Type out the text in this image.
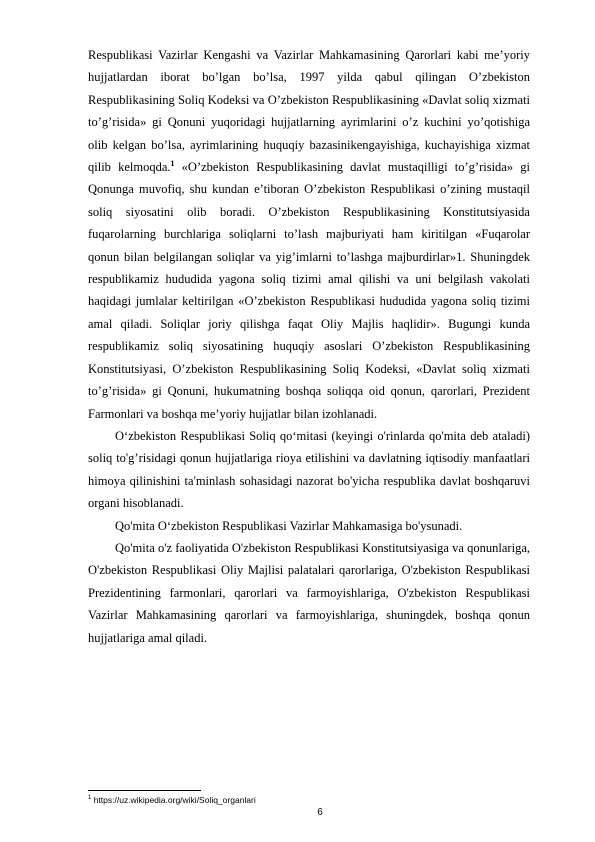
Respublikasi Vazirlar Kengashi va Vazirlar Mahkamasining Qarorlari kabi me’yoriy hujjatlardan iborat bo’lgan bo’lsa, 1997 yilda qabul qilingan O’zbekiston Respublikasining Soliq Kodeksi va O’zbekiston Respublikasining «Davlat soliq xizmati to’g’risida» gi Qonuni yuqoridagi hujjatlarning ayrimlarini o’z kuchini yo’qotishiga olib kelgan bo’lsa, ayrimlarining huquqiy bazasinikengayishiga, kuchayishiga xizmat qilib kelmoqda.$^1$ «O’zbekiston Respublikasining davlat mustaqilligi to’g’risida» gi Qonunga muvofiq, shu kundan e’tiboran O’zbekiston Respublikasi o’zining mustaqil soliq siyosatini olib boradi. O’zbekiston Respublikasining Konstitutsiyasida fuqarolarning burchlariga soliqlarni to’lash majburiyati ham kiritilgan «Fuqarolar qonun bilan belgilangan soliqlar va yig’imlarni to’lashga majburdirlar»1. Shuningdek respublikamiz hududida yagona soliq tizimi amal qilishi va uni belgilash vakolati haqidagi jumlalar keltirilgan «O’zbekiston Respublikasi hududida yagona soliq tizimi amal qiladi. Soliqlar joriy qilishga faqat Oliy Majlis haqlidir». Bugungi kunda respublikamiz soliq siyosatining huquqiy asoslari O’zbekiston Respublikasining Konstitutsiyasi, O’zbekiston Respublikasining Soliq Kodeksi, «Davlat soliq xizmati to’g’risida» gi Qonuni, hukumatning boshqa soliqqa oid qonun, qarorlari, Prezident Farmonlari va boshqa me’yoriy hujjatlar bilan izohlanadi.

O‘zbekiston Respublikasi Soliq qo‘mitasi (keyingi o'rinlarda qo'mita deb ataladi) soliq to'g’risidagi qonun hujjatlariga rioya etilishini va davlatning iqtisodiy manfaatlari himoya qilinishini ta'minlash sohasidagi nazorat bo'yicha respublika davlat boshqaruvi organi hisoblanadi.

Qo'mita O‘zbekiston Respublikasi Vazirlar Mahkamasiga bo'ysunadi.

Qo'mita o'z faoliyatida O'zbekiston Respublikasi Konstitutsiyasiga va qonunlariga, O'zbekiston Respublikasi Oliy Majlisi palatalari qarorlariga, O'zbekiston Respublikasi Prezidentining farmonlari, qarorlari va farmoyishlariga, O'zbekiston Respublikasi Vazirlar Mahkamasining qarorlari va farmoyishlariga, shuningdek, boshqa qonun hujjatlariga amal qiladi.

$^1$ https://uz.wikipedia.org/wiki/Soliq_organlari
6
